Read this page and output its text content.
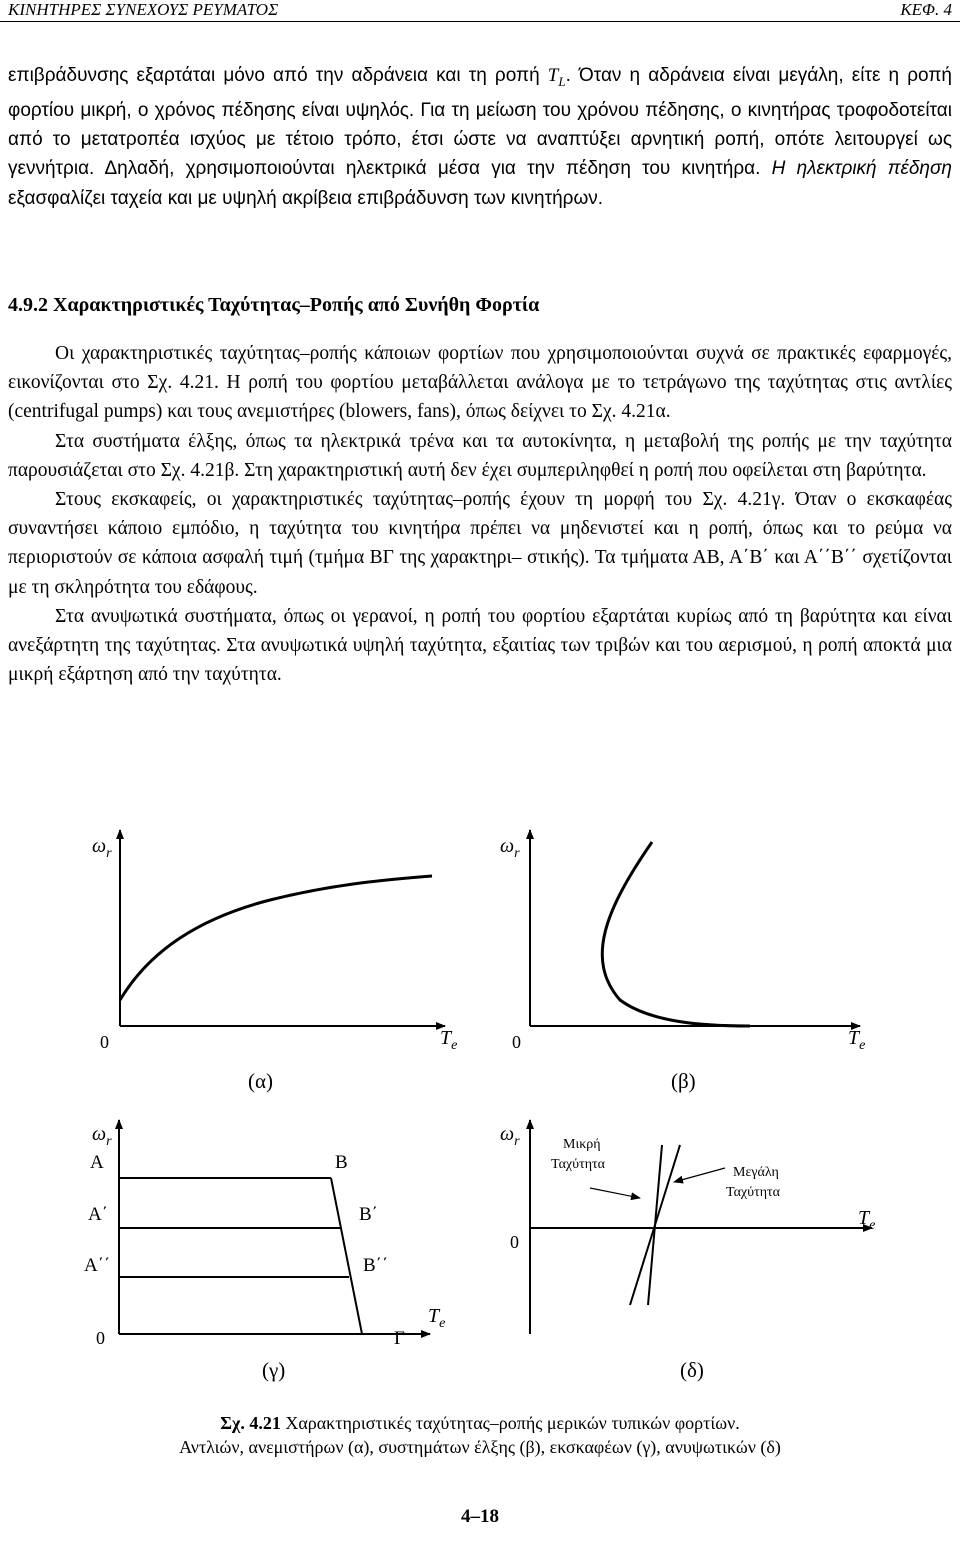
ΚΙΝΗΤΗΡΕΣ ΣΥΝΕΧΟΥΣ ΡΕΥΜΑΤΟΣ	ΚΕΦ. 4

επιβράδυνσης εξαρτάται μόνο από την αδράνεια και τη ροπή $T_L$. Όταν η αδράνεια είναι μεγάλη, είτε η ροπή φορτίου μικρή, ο χρόνος πέδησης είναι υψηλός. Για τη μείωση του χρόνου πέδησης, ο κινητήρας τροφοδοτείται από το μετατροπέα ισχύος με τέτοιο τρόπο, έτσι ώστε να αναπτύξει αρνητική ροπή, οπότε λειτουργεί ως γεννήτρια. Δηλαδή, χρησιμοποιούνται ηλεκτρικά μέσα για την πέδηση του κινητήρα. Η ηλεκτρική πέδηση εξασφαλίζει ταχεία και με υψηλή ακρίβεια επιβράδυνση των κινητήρων.

4.9.2 Χαρακτηριστικές Ταχύτητας–Ροπής από Συνήθη Φορτία

Οι χαρακτηριστικές ταχύτητας–ροπής κάποιων φορτίων που χρησιμοποιούνται συχνά σε πρακτικές εφαρμογές, εικονίζονται στο Σχ. 4.21. Η ροπή του φορτίου μεταβάλλεται ανάλογα με το τετράγωνο της ταχύτητας στις αντλίες (centrifugal pumps) και τους ανεμιστήρες (blowers, fans), όπως δείχνει το Σχ. 4.21α.

Στα συστήματα έλξης, όπως τα ηλεκτρικά τρένα και τα αυτοκίνητα, η μεταβολή της ροπής με την ταχύτητα παρουσιάζεται στο Σχ. 4.21β. Στη χαρακτηριστική αυτή δεν έχει συμπεριληφθεί η ροπή που οφείλεται στη βαρύτητα.

Στους εκσκαφείς, οι χαρακτηριστικές ταχύτητας–ροπής έχουν τη μορφή του Σχ. 4.21γ. Όταν ο εκσκαφέας συναντήσει κάποιο εμπόδιο, η ταχύτητα του κινητήρα πρέπει να μηδενιστεί και η ροπή, όπως και το ρεύμα να περιοριστούν σε κάποια ασφαλή τιμή (τμήμα ΒΓ της χαρακτηρι– στικής). Τα τμήματα ΑΒ, Α΄Β΄ και Α΄΄Β΄΄ σχετίζονται με τη σκληρότητα του εδάφους.

Στα ανυψωτικά συστήματα, όπως οι γερανοί, η ροπή του φορτίου εξαρτάται κυρίως από τη βαρύτητα και είναι ανεξάρτητη της ταχύτητας. Στα ανυψωτικά υψηλή ταχύτητα, εξαιτίας των τριβών και του αερισμού, η ροπή αποκτά μια μικρή εξάρτηση από την ταχύτητα.

$\omega_r$
0	$T_e$
(α)
$\omega_r$
0	$T_e$
(β)
$\omega_r$
Α	Β
Α΄	Β΄
Α΄΄	Β΄΄
Γ
0
$T_e$
(γ)
$\omega_r$
0
$T_e$
Μικρή
Ταχύτητα
Μεγάλη
Ταχύτητα
(δ)
Σχ. 4.21 Χαρακτηριστικές ταχύτητας–ροπής μερικών τυπικών φορτίων.
Αντλιών, ανεμιστήρων (α), συστημάτων έλξης (β), εκσκαφέων (γ), ανυψωτικών (δ)
4–18
